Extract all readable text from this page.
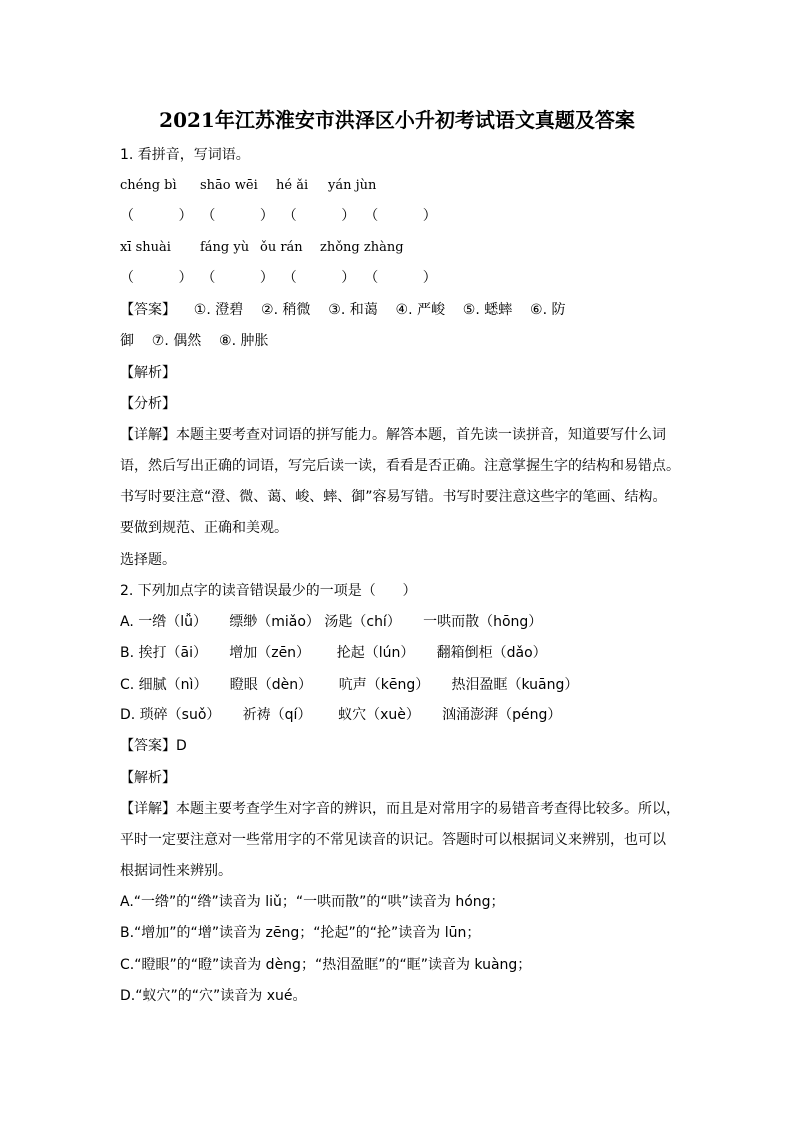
2021年江苏淮安市洪泽区小升初考试语文真题及答案
1. 看拼音，写词语。
chéng bì shāo wēi hé ǎi yán jùn
（          ）  （          ）  （          ）  （          ）
xī shuài fáng yù ǒu rán zhǒng zhàng
（          ）  （          ）  （          ）  （          ）
【答案】    ①. 澄碧    ②. 稍微    ③. 和蔼    ④. 严峻    ⑤. 蟋蟀    ⑥. 防
御    ⑦. 偶然    ⑧. 肿胀
【解析】
【分析】
【详解】本题主要考查对词语的拼写能力。解答本题，首先读一读拼音，知道要写什么词
语，然后写出正确的词语，写完后读一读，看看是否正确。注意掌握生字的结构和易错点。
书写时要注意“澄、微、蔼、峻、蟀、御”容易写错。书写时要注意这些字的笔画、结构。
要做到规范、正确和美观。
选择题。
2. 下列加点字的读音错误最少的一项是（      ）
A. 一绺（lǚ）     缥缈（miǎo） 汤匙（chí）     一哄而散（hōng）
B. 挨打（āi）     增加（zēn）      抡起（lún）     翻箱倒柜（dǎo）
C. 细腻（nì）     瞪眼（dèn）      吭声（kēng）     热泪盈眶（kuāng）
D. 琐碎（suǒ）     祈祷（qí）      蚁穴（xuè）     汹涌澎湃（péng）
【答案】D
【解析】
【详解】本题主要考查学生对字音的辨识，而且是对常用字的易错音考查得比较多。所以，
平时一定要注意对一些常用字的不常见读音的识记。答题时可以根据词义来辨别，也可以
根据词性来辨别。
A.“一绺”的“绺”读音为 liǔ；“一哄而散”的“哄”读音为 hóng；
B.“增加”的“增”读音为 zēng；“抡起”的“抡”读音为 lūn；
C.“瞪眼”的“瞪”读音为 dèng；“热泪盈眶”的“眶”读音为 kuàng；
D.“蚁穴”的“穴”读音为 xué。
